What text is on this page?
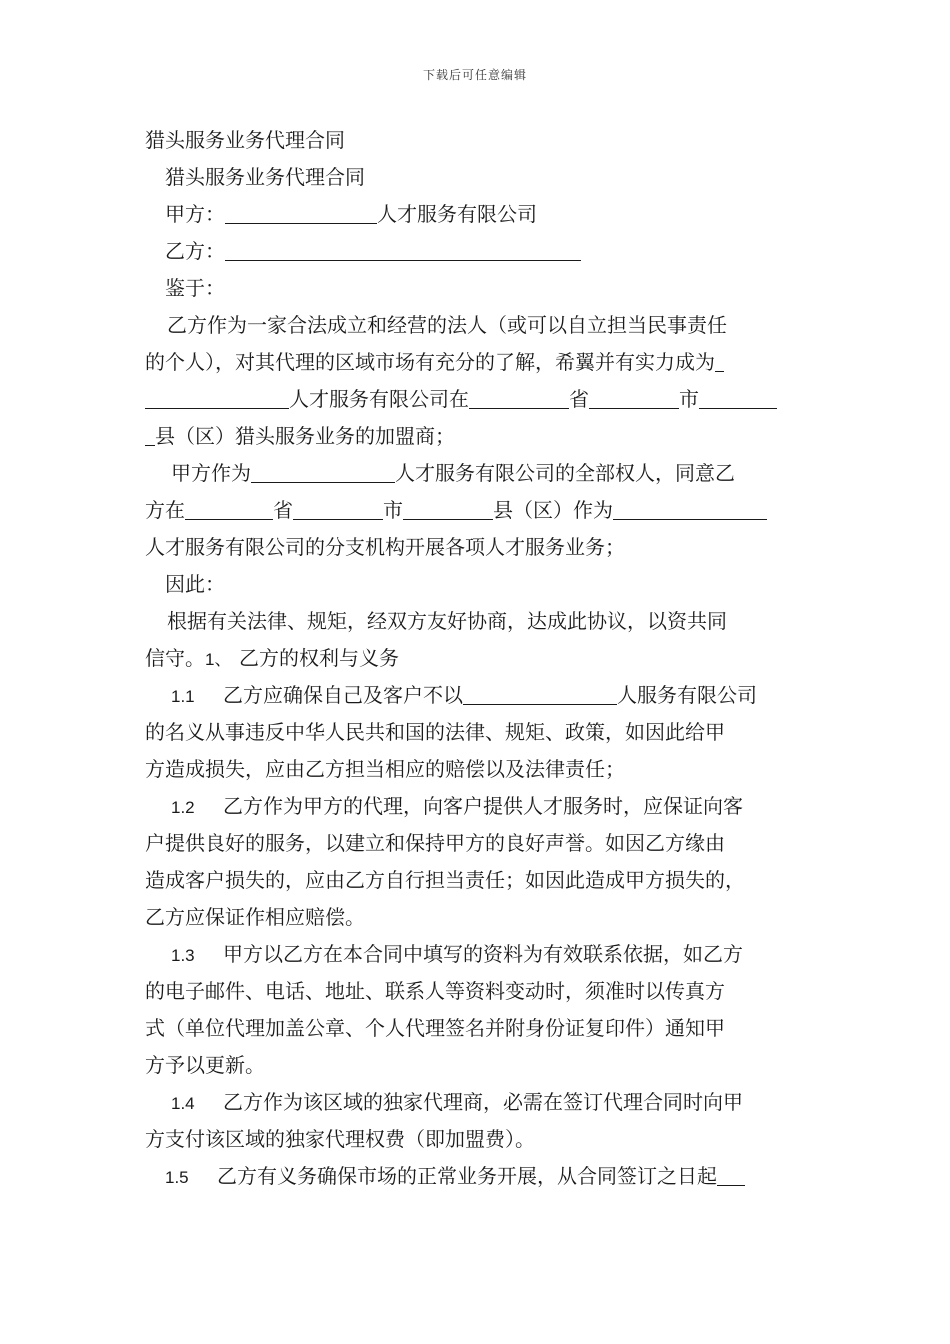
下载后可任意编辑
猎头服务业务代理合同
猎头服务业务代理合同
甲方：	人才服务有限公司
乙方：
鉴于：
乙方作为一家合法成立和经营的法人（或可以自立担当民事责任
的个人），对其代理的区域市场有充分的了解，希翼并有实力成为
人才服务有限公司在	省	市
县（区）猎头服务业务的加盟商；
甲方作为	人才服务有限公司的全部权人，同意乙
方在	省	市	县（区）作为
人才服务有限公司的分支机构开展各项人才服务业务；
因此：
根据有关法律、规矩，经双方友好协商，达成此协议，以资共同
信守。1、 乙方的权利与义务
1.1 乙方应确保自己及客户不以	人服务有限公司
的名义从事违反中华人民共和国的法律、规矩、政策，如因此给甲
方造成损失，应由乙方担当相应的赔偿以及法律责任；
1.2 乙方作为甲方的代理，向客户提供人才服务时，应保证向客
户提供良好的服务，以建立和保持甲方的良好声誉。如因乙方缘由
造成客户损失的，应由乙方自行担当责任；如因此造成甲方损失的，
乙方应保证作相应赔偿。
1.3 甲方以乙方在本合同中填写的资料为有效联系依据，如乙方
的电子邮件、电话、地址、联系人等资料变动时，须准时以传真方
式（单位代理加盖公章、个人代理签名并附身份证复印件）通知甲
方予以更新。
1.4 乙方作为该区域的独家代理商，必需在签订代理合同时向甲
方支付该区域的独家代理权费（即加盟费）。
1.5 乙方有义务确保市场的正常业务开展，从合同签订之日起
